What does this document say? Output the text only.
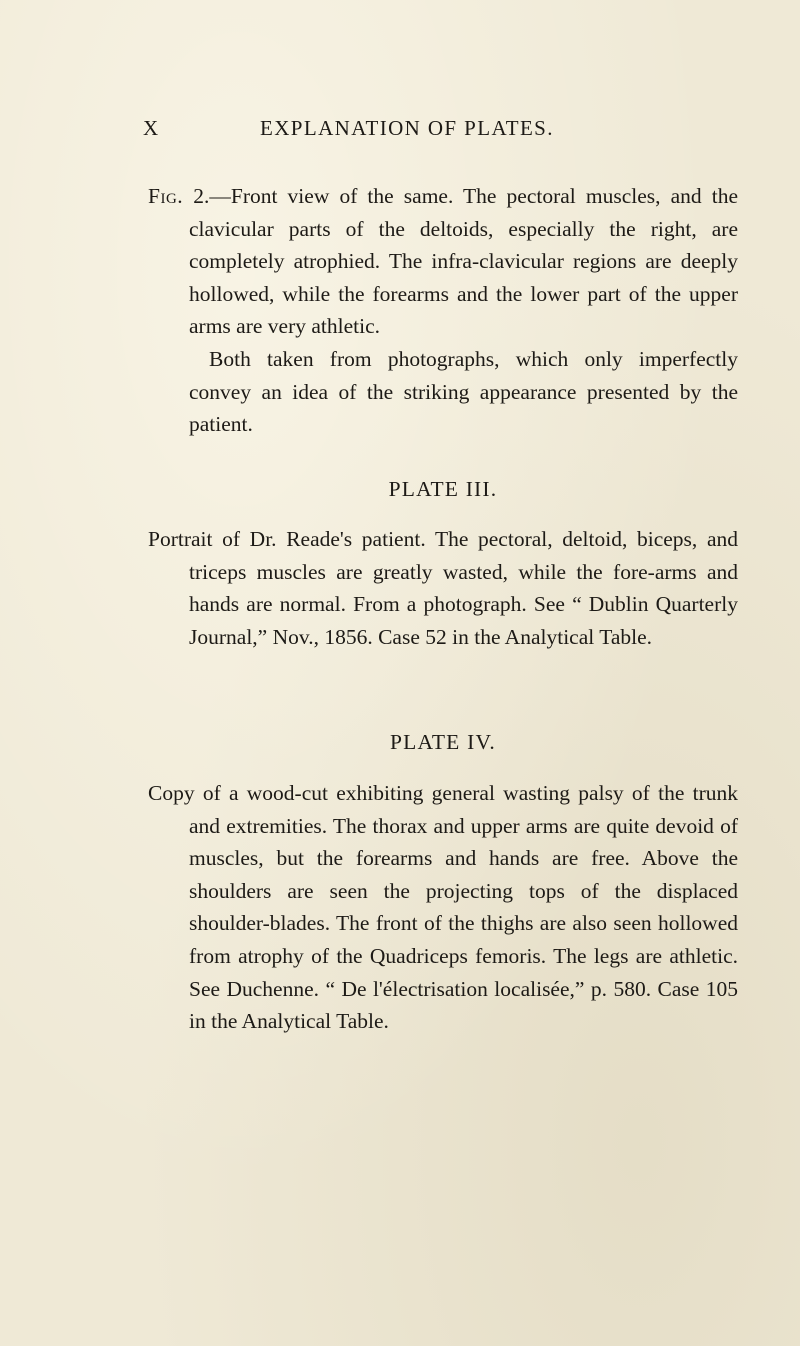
X	EXPLANATION OF PLATES.

Fig. 2.—Front view of the same. The pectoral muscles, and the clavicular parts of the deltoids, especially the right, are completely atrophied. The infra-clavicular regions are deeply hollowed, while the forearms and the lower part of the upper arms are very athletic.

Both taken from photographs, which only imperfectly convey an idea of the striking appearance presented by the patient.

PLATE III.

Portrait of Dr. Reade's patient. The pectoral, deltoid, biceps, and triceps muscles are greatly wasted, while the fore-arms and hands are normal. From a photograph. See “ Dublin Quarterly Journal,” Nov., 1856. Case 52 in the Analytical Table.

PLATE IV.

Copy of a wood-cut exhibiting general wasting palsy of the trunk and extremities. The thorax and upper arms are quite devoid of muscles, but the forearms and hands are free. Above the shoulders are seen the projecting tops of the displaced shoulder-blades. The front of the thighs are also seen hollowed from atrophy of the Quadriceps femoris. The legs are athletic. See Duchenne. “ De l'électrisation localisée,” p. 580. Case 105 in the Analytical Table.
